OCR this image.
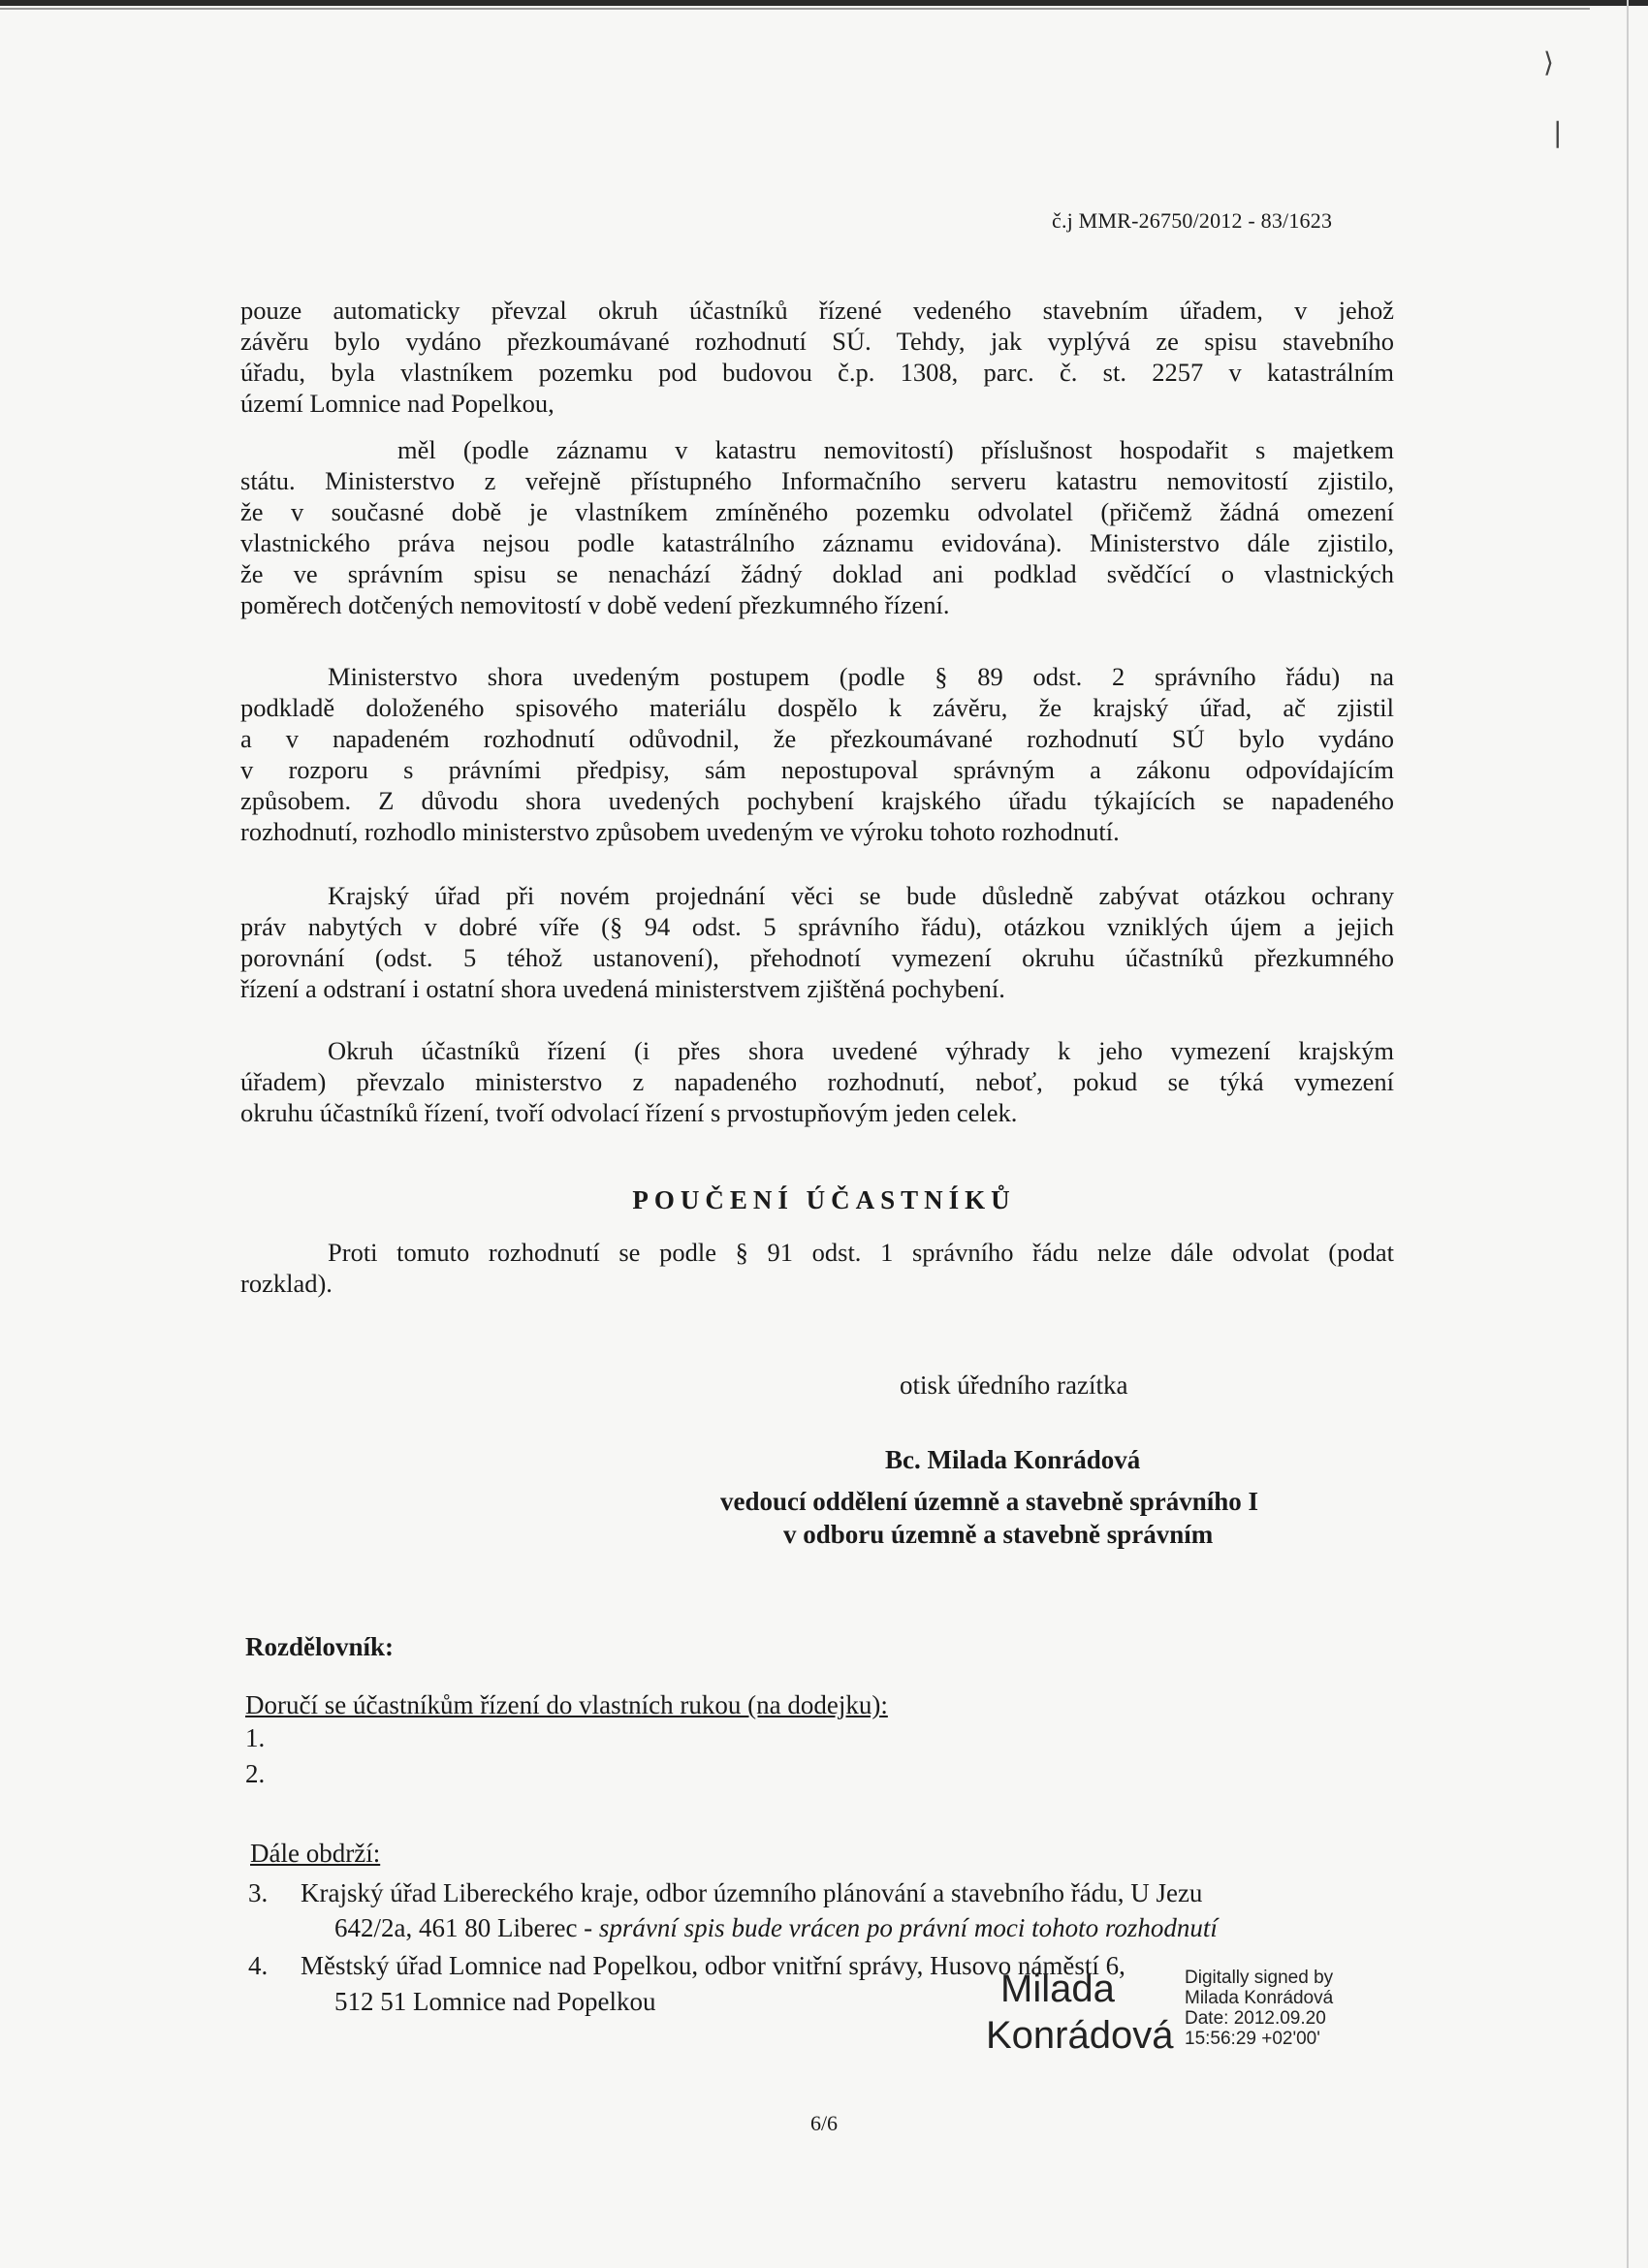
⟩
❘
č.j MMR-26750/2012 - 83/1623
pouze automaticky převzal okruh účastníků řízené vedeného stavebním úřadem, v jehož
závěru bylo vydáno přezkoumávané rozhodnutí SÚ. Tehdy, jak vyplývá ze spisu stavebního
úřadu, byla vlastníkem pozemku pod budovou č.p. 1308, parc. č. st. 2257 v katastrálním
území Lomnice nad Popelkou,
měl (podle záznamu v katastru nemovitostí) příslušnost hospodařit s majetkem
státu. Ministerstvo z veřejně přístupného Informačního serveru katastru nemovitostí zjistilo,
že v současné době je vlastníkem zmíněného pozemku odvolatel (přičemž žádná omezení
vlastnického práva nejsou podle katastrálního záznamu evidována). Ministerstvo dále zjistilo,
že ve správním spisu se nenachází žádný doklad ani podklad svědčící o vlastnických
poměrech dotčených nemovitostí v době vedení přezkumného řízení.
Ministerstvo shora uvedeným postupem (podle § 89 odst. 2 správního řádu) na
podkladě doloženého spisového materiálu dospělo k závěru, že krajský úřad, ač zjistil
a v napadeném rozhodnutí odůvodnil, že přezkoumávané rozhodnutí SÚ bylo vydáno
v rozporu s právními předpisy, sám nepostupoval správným a zákonu odpovídajícím
způsobem. Z důvodu shora uvedených pochybení krajského úřadu týkajících se napadeného
rozhodnutí, rozhodlo ministerstvo způsobem uvedeným ve výroku tohoto rozhodnutí.
Krajský úřad při novém projednání věci se bude důsledně zabývat otázkou ochrany
práv nabytých v dobré víře (§ 94 odst. 5 správního řádu), otázkou vzniklých újem a jejich
porovnání (odst. 5 téhož ustanovení), přehodnotí vymezení okruhu účastníků přezkumného
řízení a odstraní i ostatní shora uvedená ministerstvem zjištěná pochybení.
Okruh účastníků řízení (i přes shora uvedené výhrady k jeho vymezení krajským
úřadem) převzalo ministerstvo z napadeného rozhodnutí, neboť, pokud se týká vymezení
okruhu účastníků řízení, tvoří odvolací řízení s prvostupňovým jeden celek.
POUČENÍ ÚČASTNÍKŮ
Proti tomuto rozhodnutí se podle § 91 odst. 1 správního řádu nelze dále odvolat (podat
rozklad).
otisk úředního razítka
Bc. Milada Konrádová
vedoucí oddělení územně a stavebně správního I
v odboru územně a stavebně správním
Rozdělovník:
Doručí se účastníkům řízení do vlastních rukou (na dodejku):
1.
2.
Dále obdrží:
3. Krajský úřad Libereckého kraje, odbor územního plánování a stavebního řádu, U Jezu
642/2a, 461 80 Liberec - správní spis bude vrácen po právní moci tohoto rozhodnutí
4. Městský úřad Lomnice nad Popelkou, odbor vnitřní správy, Husovo náměstí 6,
512 51 Lomnice nad Popelkou	Milada
Konrádová
Digitally signed by
Milada Konrádová
Date: 2012.09.20
15:56:29 +02'00'
6/6
